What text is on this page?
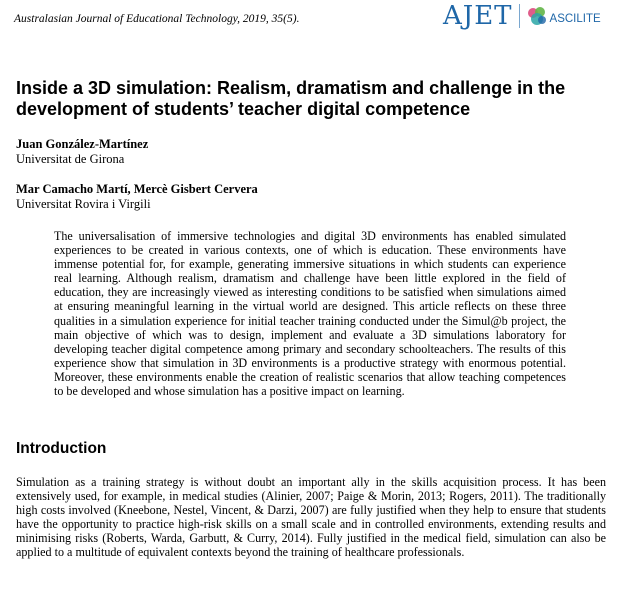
Australasian Journal of Educational Technology, 2019, 35(5).	AJET	ASCILITE
Inside a 3D simulation: Realism, dramatism and challenge in the development of students’ teacher digital competence
Juan González-Martínez
Universitat de Girona
Mar Camacho Martí, Mercè Gisbert Cervera
Universitat Rovira i Virgili

The universalisation of immersive technologies and digital 3D environments has enabled simulated experiences to be created in various contexts, one of which is education. These environments have immense potential for, for example, generating immersive situations in which students can experience real learning. Although realism, dramatism and challenge have been little explored in the field of education, they are increasingly viewed as interesting conditions to be satisfied when simulations aimed at ensuring meaningful learning in the virtual world are designed. This article reflects on these three qualities in a simulation experience for initial teacher training conducted under the Simul@b project, the main objective of which was to design, implement and evaluate a 3D simulations laboratory for developing teacher digital competence among primary and secondary schoolteachers. The results of this experience show that simulation in 3D environments is a productive strategy with enormous potential. Moreover, these environments enable the creation of realistic scenarios that allow teaching competences to be developed and whose simulation has a positive impact on learning.

Introduction

Simulation as a training strategy is without doubt an important ally in the skills acquisition process. It has been extensively used, for example, in medical studies (Alinier, 2007; Paige & Morin, 2013; Rogers, 2011). The traditionally high costs involved (Kneebone, Nestel, Vincent, & Darzi, 2007) are fully justified when they help to ensure that students have the opportunity to practice high-risk skills on a small scale and in controlled environments, extending results and minimising risks (Roberts, Warda, Garbutt, & Curry, 2014). Fully justified in the medical field, simulation can also be applied to a multitude of equivalent contexts beyond the training of healthcare professionals.
